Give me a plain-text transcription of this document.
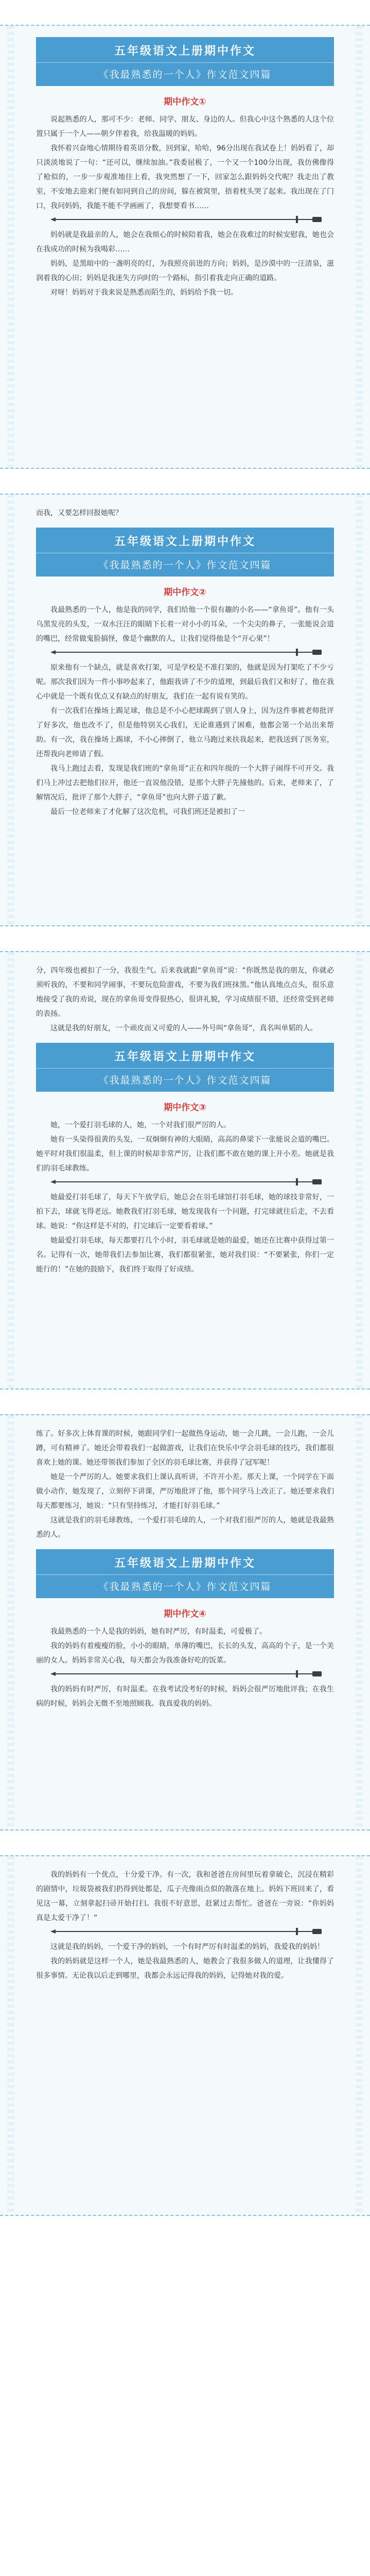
五年级语文上册期中作文
《我最熟悉的一个人》作文范文四篇
期中作文①

说起熟悉的人，那可不少：老师、同学、朋友、身边的人。但我心中这个熟悉的人这个位置只属于一个人——朝夕伴着我，给我温暖的妈妈。

我怀着兴奋地心情期待着英语分数，回到家，哈哈，96分出现在我试卷上！妈妈看了，却只淡淡地说了一句：“还可以，继续加油。”我委屈极了，一个又一个100分出现，我仿佛像得了枪似的，一步一步观准地往上看，我突然想了一下，回家怎么跟妈妈交代呢？我走出了教室，不安地去迎来门便有如同到自己的房间，躲在被窝里，捂着枕头哭了起来。我出现在了门口，我问妈妈，我能不能不学画画了，我想要看书……

妈妈就是我最亲的人，她会在我烦心的时候陪着我，她会在我难过的时候安慰我，她也会在我成功的时候为我喝彩……

妈妈，是黑暗中的一盏明亮的灯，为我照亮前进的方向；妈妈，是沙漠中的一汪清泉，滋润着我的心田；妈妈是我迷失方向时的一个路标，指引着我走向正确的道路。

对呀！妈妈对于我来说是熟悉而陌生的，妈妈给予我一切。

而我，又要怎样回报她呢？

五年级语文上册期中作文
《我最熟悉的一个人》作文范文四篇
期中作文②

我最熟悉的一个人，他是我的同学，我们给他一个很有趣的小名——“拿鱼哥”。他有一头乌黑发亮的头发，一双水汪汪的眼睛下长着一对小小的耳朵，一个尖尖的鼻子，一张能说会道的嘴巴，经常做鬼脸搞怪，像是个幽默的人，让我们觉得他是个“开心果”！

原来他有一个缺点，就是喜欢打架，可是学校是不准打架的，他就是因为打架吃了不少亏呢。那次我们因为一件小事吵起来了，他跟我讲了不少的道理，到最后我们又和好了，他在我心中就是一个既有优点又有缺点的好朋友，我们在一起有说有笑的。

有一次我们在操场上踢足球，他总是不小心把球踢到了别人身上，因为这件事被老师批评了好多次，他也改不了，但是他特别关心我们，无论谁遇到了困难，他都会第一个站出来帮助。有一次，我在操场上踢球，不小心摔倒了，他立马跑过来扶我起来，把我送到了医务室，还帮我向老师请了假。

我马上跑过去看，发现是我们班的“拿鱼哥”正在和四年级的一个大胖子闹得不可开交。我们马上冲过去把他们拉开，他还一直说他没错，是那个大胖子先撞他的。后来，老师来了，了解情况后，批评了那个大胖子，“拿鱼哥”也向大胖子道了歉。

最后一位老师来了才化解了这次危机，可我们班还是被扣了一

分，四年级也被扣了一分，我很生气。后来我就跟“拿鱼哥”说：“你既然是我的朋友，你就必须听我的，不要和同学闹事，不要玩危险游戏，不要为我们班抹黑。”他认真地点点头，很乐意地接受了我的劝说，现在的拿鱼哥变得很热心，很讲礼貌，学习成绩很不错，还经常受到老师的表扬。

这就是我的好朋友，一个顽皮而又可爱的人——外号叫“拿鱼哥”，真名叫单韬的人。

五年级语文上册期中作文
《我最熟悉的一个人》作文范文四篇
期中作文③

她，一个爱打羽毛球的人，她，一个对我们很严厉的人。

她有一头染得很黄的头发，一双炯炯有神的大眼睛，高高的鼻梁下一张能说会道的嘴巴。她平时对我们很温柔，但上课的时候却非常严厉，让我们都不敢在她的课上开小差。她就是我们的羽毛球教练。

她最爱打羽毛球了，每天下午放学后，她总会在羽毛球馆打羽毛球，她的球技非常好，一拍下去，球就飞得老远。她教我们打羽毛球，她发现我有一个问题，打完球就往后走，不去看球。她说：“你这样是不对的，打完球后一定要看着球。”

她最爱打羽毛球，每天都要打几个小时，羽毛球就是她的最爱，她还在比赛中获得过第一名。记得有一次，她带我们去参加比赛，我们都很紧张，她对我们说：“不要紧张，你们一定能行的！”在她的鼓励下，我们终于取得了好成绩。

练了。好多次上体育课的时候，她跟同学们一起做热身运动，她一会儿跳，一会儿跑，一会儿蹲，可有精神了。她还会带着我们一起做游戏，让我们在快乐中学会羽毛球的技巧，我们都很喜欢上她的课。她还带领我们参加了全区的羽毛球比赛，并获得了冠军呢！

她是一个严厉的人。她要求我们上课认真听讲，不许开小差。那天上课，一个同学在下面做小动作，她发现了，立刻停下讲课，严厉地批评了他，那个同学马上改正了。她还要求我们每天都要练习，她说：“只有坚持练习，才能打好羽毛球。”

这就是我们的羽毛球教练，一个爱打羽毛球的人，一个对我们很严厉的人，她就是我最熟悉的人。

五年级语文上册期中作文
《我最熟悉的一个人》作文范文四篇
期中作文④

我最熟悉的一个人是我的妈妈，她有时严厉，有时温柔，可爱极了。

我的妈妈有着瘦瘦的脸，小小的眼睛，单薄的嘴巴，长长的头发，高高的个子，是一个美丽的女人。妈妈非常关心我，每天都会为我准备好吃的饭菜。

我的妈妈有时严厉，有时温柔。在我考试没考好的时候，妈妈会很严厉地批评我；在我生病的时候，妈妈会无微不至地照顾我。我真爱我的妈妈。

我的妈妈有一个优点，十分爱干净。有一次，我和爸爸在房间里玩着拿破仑，沉浸在精彩的剧情中，垃圾袋被我们扔得到处都是，瓜子壳像雨点似的散落在地上。妈妈下班回来了，看见这一幕，立刻拿起扫帚开始打扫。我很不好意思，赶紧过去帮忙。爸爸在一旁说：“你妈妈真是太爱干净了！”

这就是我的妈妈，一个爱干净的妈妈，一个有时严厉有时温柔的妈妈，我爱我的妈妈！

我的妈妈就是这样一个人，她是我最熟悉的人，她教会了我很多做人的道理，让我懂得了很多事情。无论我以后走到哪里，我都会永远记得我的妈妈，记得她对我的爱。
